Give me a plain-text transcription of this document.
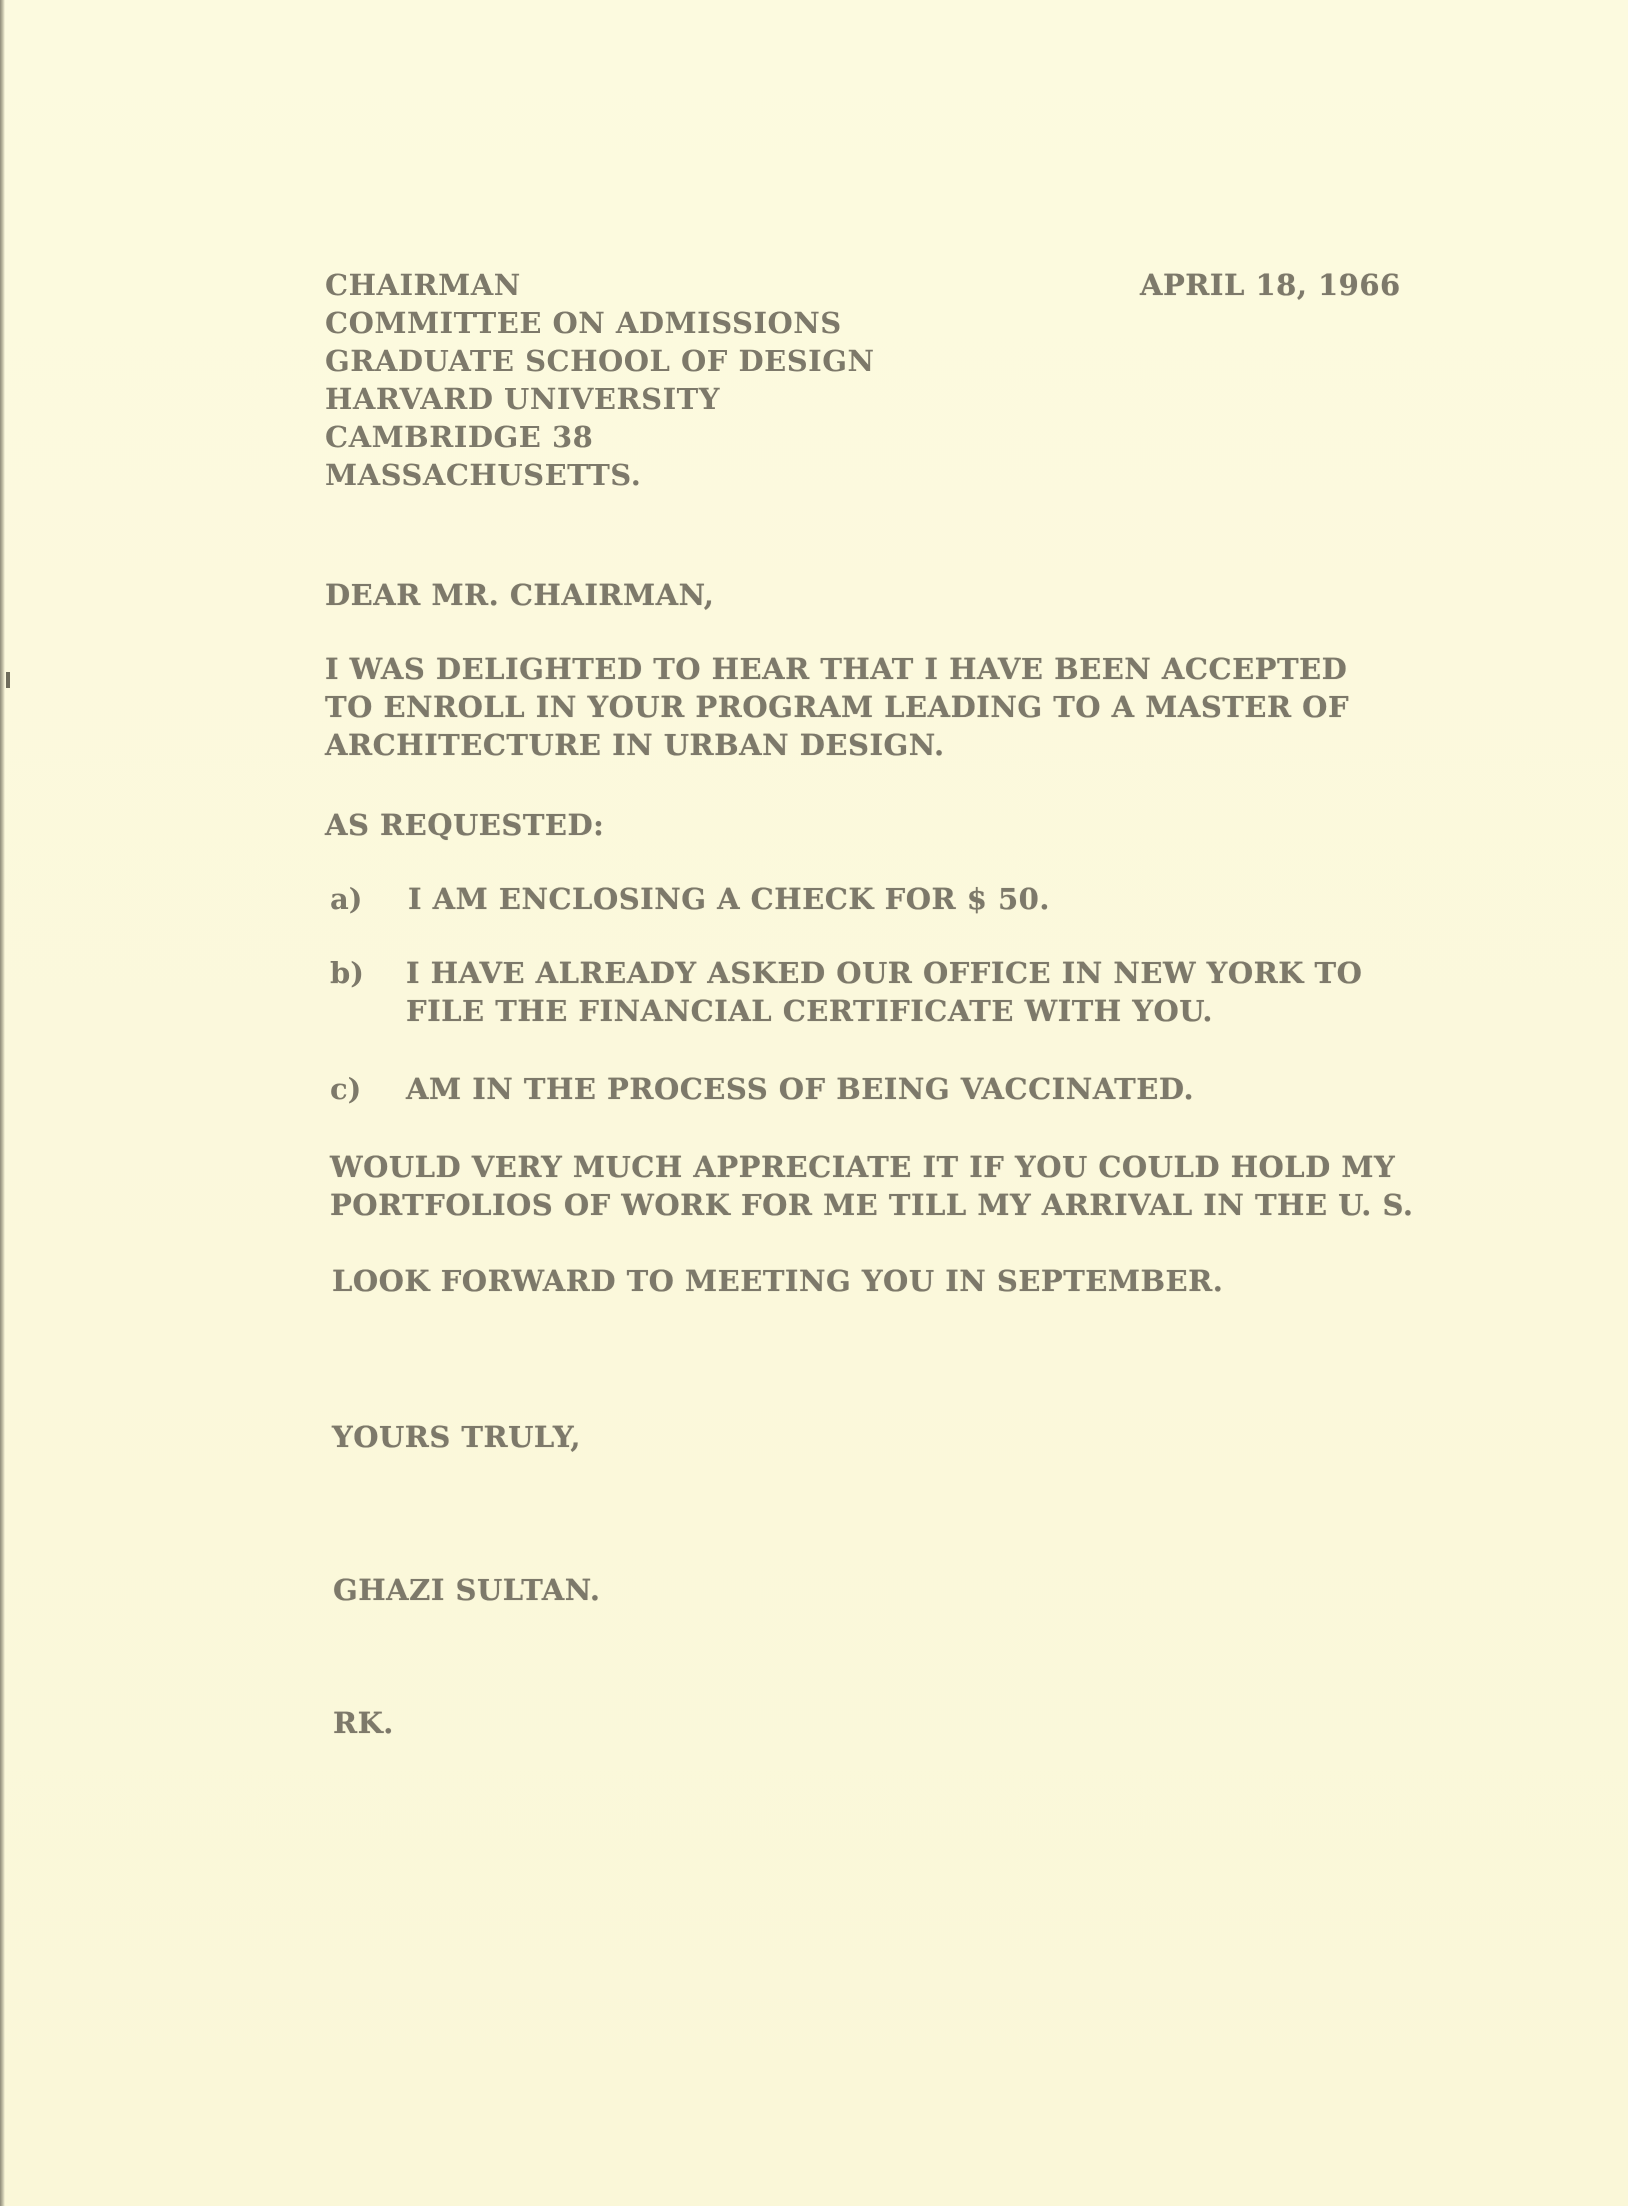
APRIL 18, 1966
CHAIRMAN
COMMITTEE ON ADMISSIONS
GRADUATE SCHOOL OF DESIGN
HARVARD UNIVERSITY
CAMBRIDGE 38
MASSACHUSETTS.
DEAR MR. CHAIRMAN,
I WAS DELIGHTED TO HEAR THAT I HAVE BEEN ACCEPTED
TO ENROLL IN YOUR PROGRAM LEADING TO A MASTER OF
ARCHITECTURE IN URBAN DESIGN.
AS REQUESTED:
a) I AM ENCLOSING A CHECK FOR $ 50.
b) I HAVE ALREADY ASKED OUR OFFICE IN NEW YORK TO
FILE THE FINANCIAL CERTIFICATE WITH YOU.
c) AM IN THE PROCESS OF BEING VACCINATED.
WOULD VERY MUCH APPRECIATE IT IF YOU COULD HOLD MY
PORTFOLIOS OF WORK FOR ME TILL MY ARRIVAL IN THE U. S.
LOOK FORWARD TO MEETING YOU IN SEPTEMBER.
YOURS TRULY,
GHAZI SULTAN.
RK.
